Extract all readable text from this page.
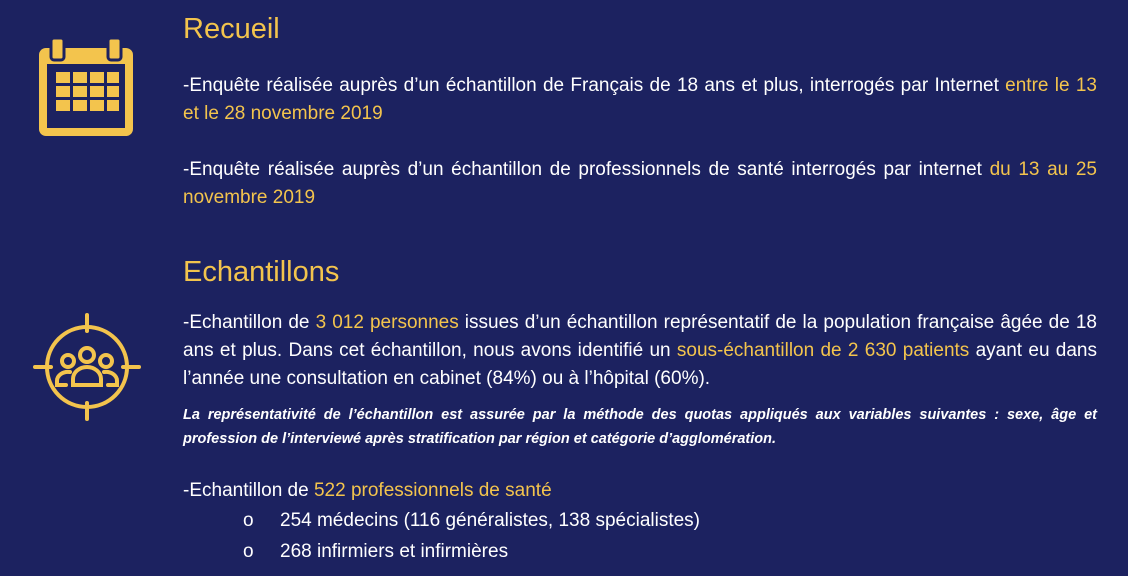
Recueil

-Enquête réalisée auprès d’un échantillon de Français de 18 ans et plus, interrogés par Internet entre le 13 et le 28 novembre 2019

-Enquête réalisée auprès d’un échantillon de professionnels de santé interrogés par internet du 13 au 25 novembre 2019

Echantillons

-Echantillon de 3 012 personnes issues d’un échantillon représentatif de la population française âgée de 18 ans et plus. Dans cet échantillon, nous avons identifié un sous-échantillon de 2 630 patients ayant eu dans l’année une consultation en cabinet (84%) ou à l’hôpital (60%).

La représentativité de l’échantillon est assurée par la méthode des quotas appliqués aux variables suivantes : sexe, âge et profession de l’interviewé après stratification par région et catégorie d’agglomération.

-Echantillon de 522 professionnels de santé

o 254 médecins (116 généralistes, 138 spécialistes)
o 268 infirmiers et infirmières
